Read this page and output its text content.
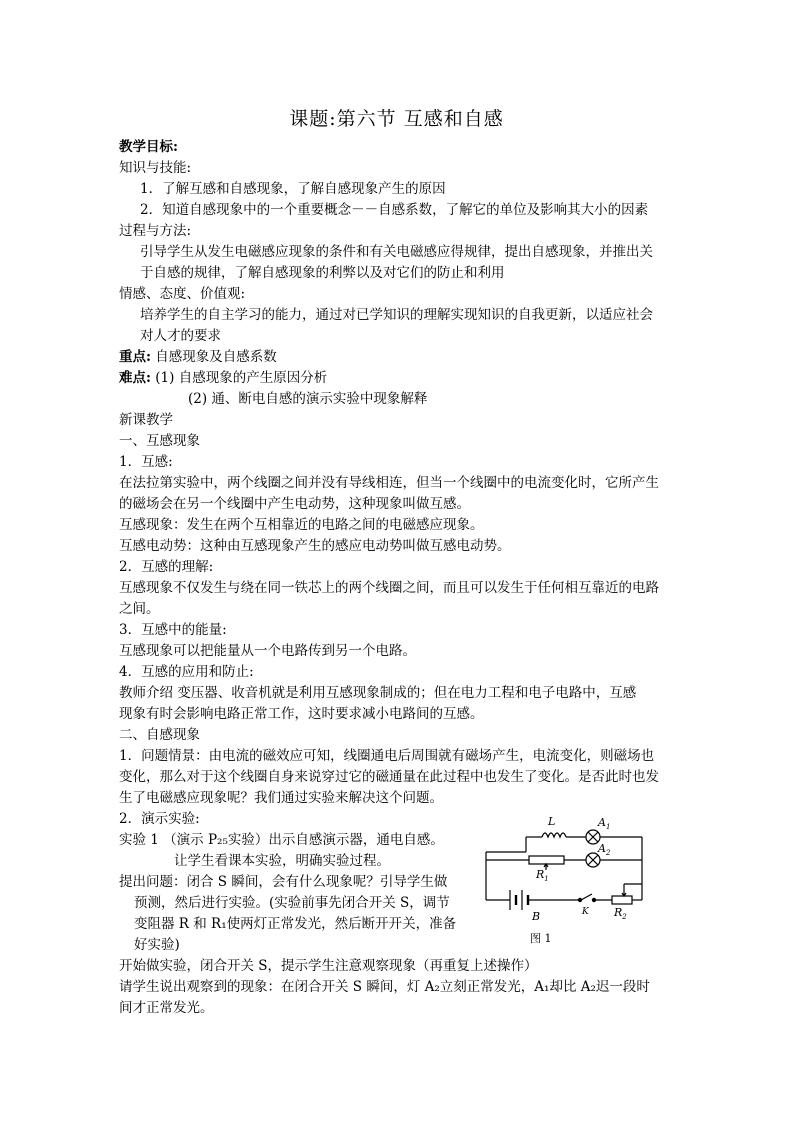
课题:第六节 互感和自感
教学目标:
知识与技能:
1．了解互感和自感现象，了解自感现象产生的原因
2．知道自感现象中的一个重要概念－－自感系数，了解它的单位及影响其大小的因素
过程与方法:
引导学生从发生电磁感应现象的条件和有关电磁感应得规律，提出自感现象，并推出关
于自感的规律，了解自感现象的利弊以及对它们的防止和利用
情感、态度、价值观:
培养学生的自主学习的能力，通过对已学知识的理解实现知识的自我更新，以适应社会
对人才的要求
重点: 自感现象及自感系数
难点: (1) 自感现象的产生原因分析
(2) 通、断电自感的演示实验中现象解释
新课教学
一、互感现象
1．互感:
在法拉第实验中，两个线圈之间并没有导线相连，但当一个线圈中的电流变化时，它所产生
的磁场会在另一个线圈中产生电动势，这种现象叫做互感。
互感现象：发生在两个互相靠近的电路之间的电磁感应现象。
互感电动势：这种由互感现象产生的感应电动势叫做互感电动势。
2．互感的理解:
互感现象不仅发生与绕在同一铁芯上的两个线圈之间，而且可以发生于任何相互靠近的电路
之间。
3．互感中的能量:
互感现象可以把能量从一个电路传到另一个电路。
4．互感的应用和防止:
教师介绍 变压器、收音机就是利用互感现象制成的；但在电力工程和电子电路中，互感
现象有时会影响电路正常工作，这时要求减小电路间的互感。
二、自感现象
1．问题情景：由电流的磁效应可知，线圈通电后周围就有磁场产生，电流变化，则磁场也
变化，那么对于这个线圈自身来说穿过它的磁通量在此过程中也发生了变化。是否此时也发
生了电磁感应现象呢？我们通过实验来解决这个问题。
2．演示实验:
实验 1 （演示 P₂₅实验）出示自感演示器，通电自感。
让学生看课本实验，明确实验过程。
提出问题：闭合 S 瞬间，会有什么现象呢？引导学生做
预测，然后进行实验。(实验前事先闭合开关 S，调节
变阻器 R 和 R₁使两灯正常发光，然后断开开关，准备
好实验)
开始做实验，闭合开关 S，提示学生注意观察现象（再重复上述操作）
请学生说出观察到的现象：在闭合开关 S 瞬间，灯 A₂立刻正常发光，A₁却比 A₂迟一段时
间才正常发光。
L	$A_1$
$A_2$
$R_1$
B	K $R_2$
图 1
